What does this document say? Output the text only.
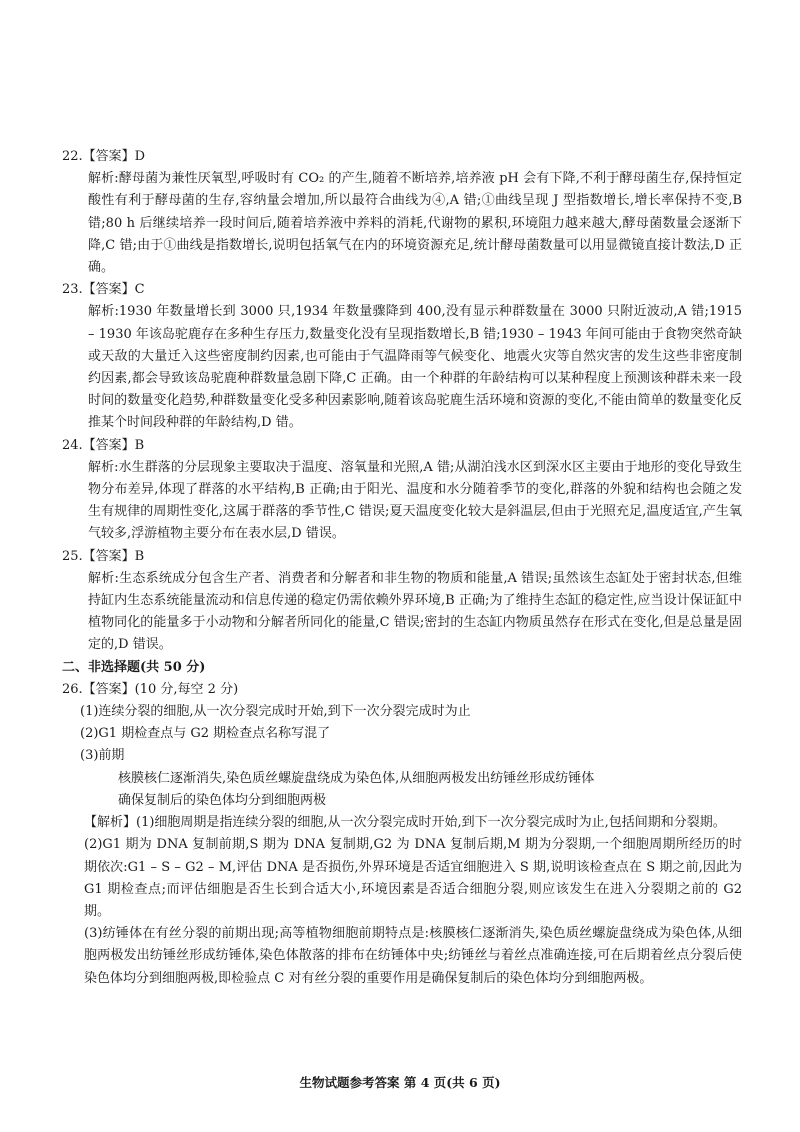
22.【答案】D

解析:酵母菌为兼性厌氧型,呼吸时有 CO₂ 的产生,随着不断培养,培养液 pH 会有下降,不利于酵母菌生存,保持恒定酸性有利于酵母菌的生存,容纳量会增加,所以最符合曲线为④,A 错;①曲线呈现 J 型指数增长,增长率保持不变,B 错;80 h 后继续培养一段时间后,随着培养液中养料的消耗,代谢物的累积,环境阻力越来越大,酵母菌数量会逐渐下降,C 错;由于①曲线是指数增长,说明包括氧气在内的环境资源充足,统计酵母菌数量可以用显微镜直接计数法,D 正确。

23.【答案】C

解析:1930 年数量增长到 3000 只,1934 年数量骤降到 400,没有显示种群数量在 3000 只附近波动,A 错;1915 – 1930 年该岛驼鹿存在多种生存压力,数量变化没有呈现指数增长,B 错;1930 – 1943 年间可能由于食物突然奇缺或天敌的大量迁入这些密度制约因素,也可能由于气温降雨等气候变化、地震火灾等自然灾害的发生这些非密度制约因素,都会导致该岛驼鹿种群数量急剧下降,C 正确。由一个种群的年龄结构可以某种程度上预测该种群未来一段时间的数量变化趋势,种群数量变化受多种因素影响,随着该岛驼鹿生活环境和资源的变化,不能由简单的数量变化反推某个时间段种群的年龄结构,D 错。

24.【答案】B

解析:水生群落的分层现象主要取决于温度、溶氧量和光照,A 错;从湖泊浅水区到深水区主要由于地形的变化导致生物分布差异,体现了群落的水平结构,B 正确;由于阳光、温度和水分随着季节的变化,群落的外貌和结构也会随之发生有规律的周期性变化,这属于群落的季节性,C 错误;夏天温度变化较大是斜温层,但由于光照充足,温度适宜,产生氧气较多,浮游植物主要分布在表水层,D 错误。

25.【答案】B

解析:生态系统成分包含生产者、消费者和分解者和非生物的物质和能量,A 错误;虽然该生态缸处于密封状态,但维持缸内生态系统能量流动和信息传递的稳定仍需依赖外界环境,B 正确;为了维持生态缸的稳定性,应当设计保证缸中植物同化的能量多于小动物和分解者所同化的能量,C 错误;密封的生态缸内物质虽然存在形式在变化,但是总量是固定的,D 错误。

二、非选择题(共 50 分)

26.【答案】(10 分,每空 2 分)

(1)连续分裂的细胞,从一次分裂完成时开始,到下一次分裂完成时为止

(2)G1 期检查点与 G2 期检查点名称写混了

(3)前期

核膜核仁逐渐消失,染色质丝螺旋盘绕成为染色体,从细胞两极发出纺锤丝形成纺锤体

确保复制后的染色体均分到细胞两极

【解析】(1)细胞周期是指连续分裂的细胞,从一次分裂完成时开始,到下一次分裂完成时为止,包括间期和分裂期。

(2)G1 期为 DNA 复制前期,S 期为 DNA 复制期,G2 为 DNA 复制后期,M 期为分裂期,一个细胞周期所经历的时期依次:G1 – S – G2 – M,评估 DNA 是否损伤,外界环境是否适宜细胞进入 S 期,说明该检查点在 S 期之前,因此为 G1 期检查点;而评估细胞是否生长到合适大小,环境因素是否适合细胞分裂,则应该发生在进入分裂期之前的 G2 期。

(3)纺锤体在有丝分裂的前期出现;高等植物细胞前期特点是:核膜核仁逐渐消失,染色质丝螺旋盘绕成为染色体,从细胞两极发出纺锤丝形成纺锤体,染色体散落的排布在纺锤体中央;纺锤丝与着丝点准确连接,可在后期着丝点分裂后使染色体均分到细胞两极,即检验点 C 对有丝分裂的重要作用是确保复制后的染色体均分到细胞两极。

生物试题参考答案 第 4 页(共 6 页)
